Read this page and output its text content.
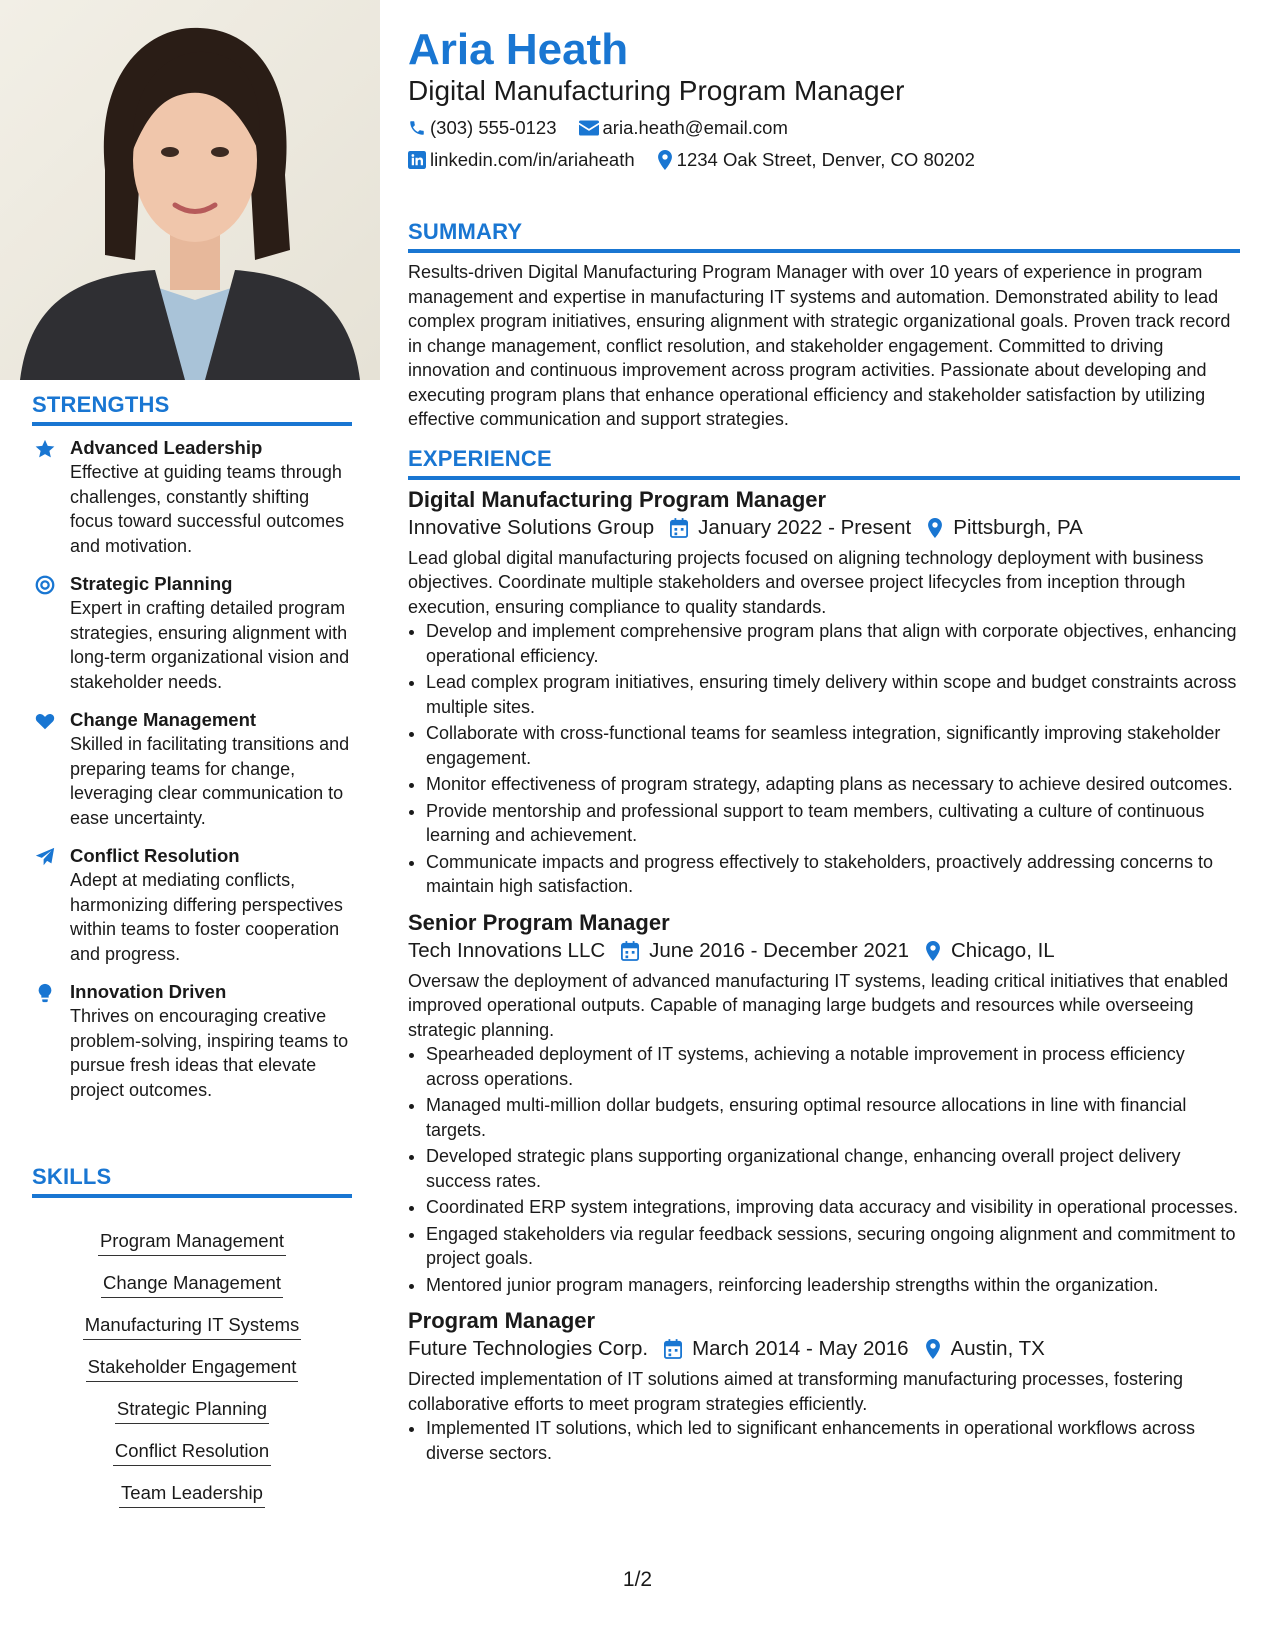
STRENGTHS
Advanced Leadership
Effective at guiding teams through challenges, constantly shifting focus toward successful outcomes and motivation.
Strategic Planning
Expert in crafting detailed program strategies, ensuring alignment with long-term organizational vision and stakeholder needs.
Change Management
Skilled in facilitating transitions and preparing teams for change, leveraging clear communication to ease uncertainty.
Conflict Resolution
Adept at mediating conflicts, harmonizing differing perspectives within teams to foster cooperation and progress.
Innovation Driven
Thrives on encouraging creative problem-solving, inspiring teams to pursue fresh ideas that elevate project outcomes.
SKILLS
Program Management
Change Management
Manufacturing IT Systems
Stakeholder Engagement
Strategic Planning
Conflict Resolution
Team Leadership
Aria Heath
Digital Manufacturing Program Manager
(303) 555-0123 aria.heath@email.com
linkedin.com/in/ariaheath 1234 Oak Street, Denver, CO 80202
SUMMARY
Results-driven Digital Manufacturing Program Manager with over 10 years of experience in program management and expertise in manufacturing IT systems and automation. Demonstrated ability to lead complex program initiatives, ensuring alignment with strategic organizational goals. Proven track record in change management, conflict resolution, and stakeholder engagement. Committed to driving innovation and continuous improvement across program activities. Passionate about developing and executing program plans that enhance operational efficiency and stakeholder satisfaction by utilizing effective communication and support strategies.
EXPERIENCE
Digital Manufacturing Program Manager
Innovative Solutions Group January 2022 - Present Pittsburgh, PA
Lead global digital manufacturing projects focused on aligning technology deployment with business objectives. Coordinate multiple stakeholders and oversee project lifecycles from inception through execution, ensuring compliance to quality standards.
• Develop and implement comprehensive program plans that align with corporate objectives, enhancing operational efficiency.
• Lead complex program initiatives, ensuring timely delivery within scope and budget constraints across multiple sites.
• Collaborate with cross-functional teams for seamless integration, significantly improving stakeholder engagement.
• Monitor effectiveness of program strategy, adapting plans as necessary to achieve desired outcomes.
• Provide mentorship and professional support to team members, cultivating a culture of continuous learning and achievement.
• Communicate impacts and progress effectively to stakeholders, proactively addressing concerns to maintain high satisfaction.
Senior Program Manager
Tech Innovations LLC June 2016 - December 2021 Chicago, IL
Oversaw the deployment of advanced manufacturing IT systems, leading critical initiatives that enabled improved operational outputs. Capable of managing large budgets and resources while overseeing strategic planning.
• Spearheaded deployment of IT systems, achieving a notable improvement in process efficiency across operations.
• Managed multi-million dollar budgets, ensuring optimal resource allocations in line with financial targets.
• Developed strategic plans supporting organizational change, enhancing overall project delivery success rates.
• Coordinated ERP system integrations, improving data accuracy and visibility in operational processes.
• Engaged stakeholders via regular feedback sessions, securing ongoing alignment and commitment to project goals.
• Mentored junior program managers, reinforcing leadership strengths within the organization.
Program Manager
Future Technologies Corp. March 2014 - May 2016 Austin, TX
Directed implementation of IT solutions aimed at transforming manufacturing processes, fostering collaborative efforts to meet program strategies efficiently.
• Implemented IT solutions, which led to significant enhancements in operational workflows across diverse sectors.
1/2
